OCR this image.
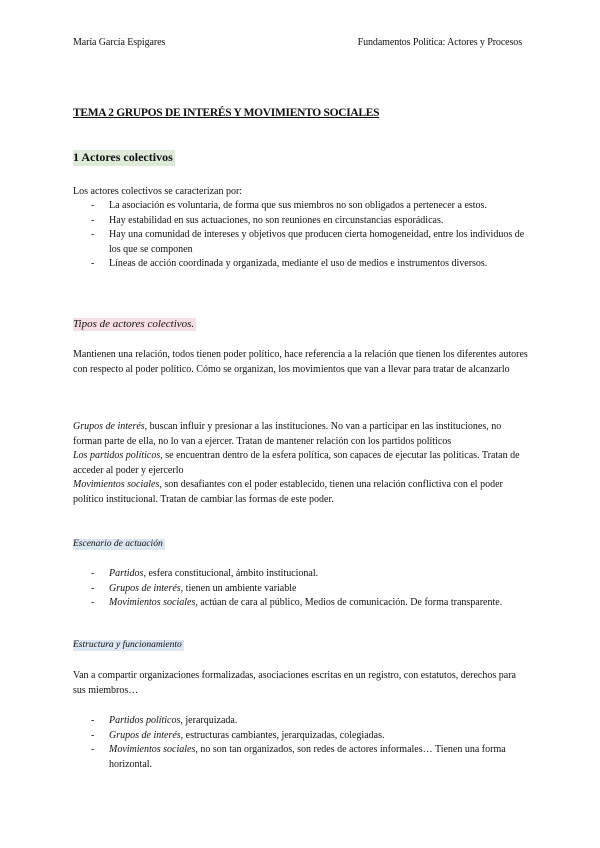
María García Espigares	Fundamentos Política: Actores y Procesos
TEMA 2 GRUPOS DE INTERÉS Y MOVIMIENTO SOCIALES
1 Actores colectivos
Los actores colectivos se caracterizan por:
- La asociación es voluntaria, de forma que sus miembros no son obligados a pertenecer a estos.
- Hay estabilidad en sus actuaciones, no son reuniones en circunstancias esporádicas.
- Hay una comunidad de intereses y objetivos que producen cierta homogeneidad, entre los individuos de los que se componen
- Líneas de acción coordinada y organizada, mediante el uso de medios e instrumentos diversos.
Tipos de actores colectivos.
Mantienen una relación, todos tienen poder político, hace referencia a la relación que tienen los diferentes autores con respecto al poder político. Cómo se organizan, los movimientos que van a llevar para tratar de alcanzarlo
Grupos de interés, buscan influir y presionar a las instituciones. No van a participar en las instituciones, no forman parte de ella, no lo van a ejercer. Tratan de mantener relación con los partidos políticos
Los partidos políticos, se encuentran dentro de la esfera política, son capaces de ejecutar las políticas. Tratan de acceder al poder y ejercerlo
Movimientos sociales, son desafiantes con el poder establecido, tienen una relación conflictiva con el poder político institucional. Tratan de cambiar las formas de este poder.
Escenario de actuación
- Partidos, esfera constitucional, ámbito institucional.
- Grupos de interés, tienen un ambiente variable
- Movimientos sociales, actúan de cara al público, Medios de comunicación. De forma transparente.
Estructura y funcionamiento
Van a compartir organizaciones formalizadas, asociaciones escritas en un registro, con estatutos, derechos para sus miembros…
- Partidos políticos, jerarquizada.
- Grupos de interés, estructuras cambiantes, jerarquizadas, colegiadas.
- Movimientos sociales, no son tan organizados, son redes de actores informales… Tienen una forma horizontal.
